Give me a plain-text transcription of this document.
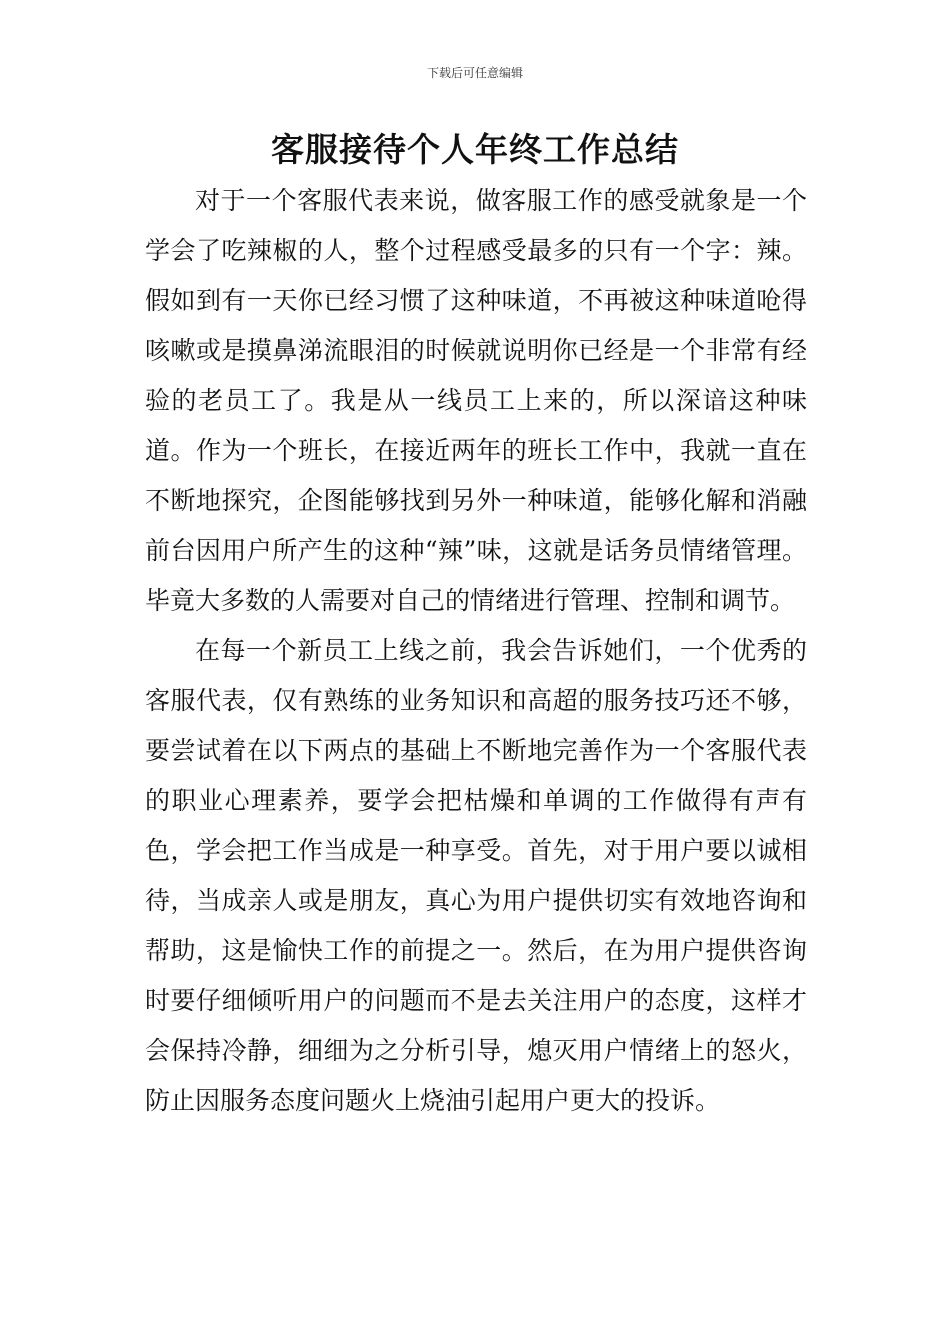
下载后可任意编辑
客服接待个人年终工作总结

对于一个客服代表来说，做客服工作的感受就象是一个学会了吃辣椒的人，整个过程感受最多的只有一个字：辣。假如到有一天你已经习惯了这种味道，不再被这种味道呛得咳嗽或是摸鼻涕流眼泪的时候就说明你已经是一个非常有经验的老员工了。我是从一线员工上来的，所以深谙这种味道。作为一个班长，在接近两年的班长工作中，我就一直在不断地探究，企图能够找到另外一种味道，能够化解和消融前台因用户所产生的这种“辣”味，这就是话务员情绪管理。毕竟大多数的人需要对自己的情绪进行管理、控制和调节。

在每一个新员工上线之前，我会告诉她们，一个优秀的客服代表，仅有熟练的业务知识和高超的服务技巧还不够，要尝试着在以下两点的基础上不断地完善作为一个客服代表的职业心理素养，要学会把枯燥和单调的工作做得有声有色，学会把工作当成是一种享受。首先，对于用户要以诚相待，当成亲人或是朋友，真心为用户提供切实有效地咨询和帮助，这是愉快工作的前提之一。然后，在为用户提供咨询时要仔细倾听用户的问题而不是去关注用户的态度，这样才会保持冷静，细细为之分析引导，熄灭用户情绪上的怒火，防止因服务态度问题火上烧油引起用户更大的投诉。
